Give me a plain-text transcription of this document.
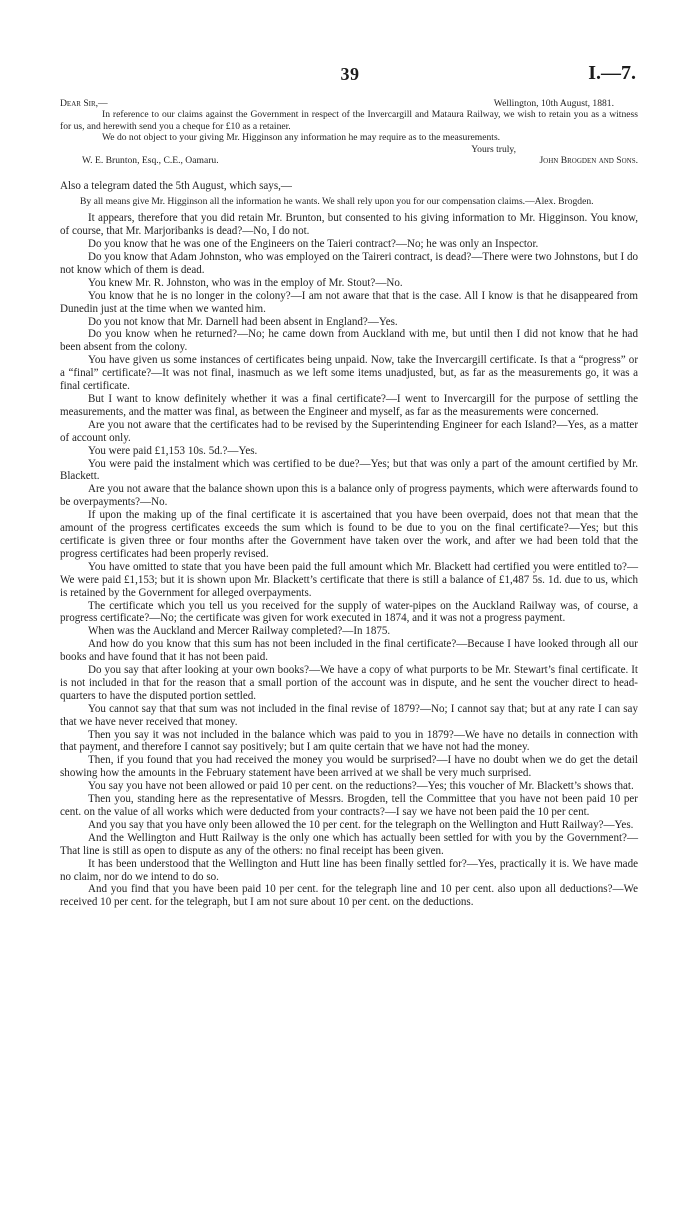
39	I.—7.
Dear Sir,—	Wellington, 10th August, 1881.

In reference to our claims against the Government in respect of the Invercargill and Mataura Railway, we wish to retain you as a witness for us, and herewith send you a cheque for £10 as a retainer.

We do not object to your giving Mr. Higginson any information he may require as to the measurements.

Yours truly,
W. E. Brunton, Esq., C.E., Oamaru.	John Brogden and Sons.

Also a telegram dated the 5th August, which says,—

By all means give Mr. Higginson all the information he wants. We shall rely upon you for our compensation claims.—Alex. Brogden.

It appears, therefore that you did retain Mr. Brunton, but consented to his giving information to Mr. Higginson. You know, of course, that Mr. Marjoribanks is dead?—No, I do not.

Do you know that he was one of the Engineers on the Taieri contract?—No; he was only an Inspector.

Do you know that Adam Johnston, who was employed on the Taireri contract, is dead?—There were two Johnstons, but I do not know which of them is dead.

You knew Mr. R. Johnston, who was in the employ of Mr. Stout?—No.

You know that he is no longer in the colony?—I am not aware that that is the case. All I know is that he disappeared from Dunedin just at the time when we wanted him.

Do you not know that Mr. Darnell had been absent in England?—Yes.

Do you know when he returned?—No; he came down from Auckland with me, but until then I did not know that he had been absent from the colony.

You have given us some instances of certificates being unpaid. Now, take the Invercargill certificate. Is that a “progress” or a “final” certificate?—It was not final, inasmuch as we left some items unadjusted, but, as far as the measurements go, it was a final certificate.

But I want to know definitely whether it was a final certificate?—I went to Invercargill for the purpose of settling the measurements, and the matter was final, as between the Engineer and myself, as far as the measurements were concerned.

Are you not aware that the certificates had to be revised by the Superintending Engineer for each Island?—Yes, as a matter of account only.

You were paid £1,153 10s. 5d.?—Yes.

You were paid the instalment which was certified to be due?—Yes; but that was only a part of the amount certified by Mr. Blackett.

Are you not aware that the balance shown upon this is a balance only of progress payments, which were afterwards found to be overpayments?—No.

If upon the making up of the final certificate it is ascertained that you have been overpaid, does not that mean that the amount of the progress certificates exceeds the sum which is found to be due to you on the final certificate?—Yes; but this certificate is given three or four months after the Government have taken over the work, and after we had been told that the progress certificates had been properly revised.

You have omitted to state that you have been paid the full amount which Mr. Blackett had certified you were entitled to?—We were paid £1,153; but it is shown upon Mr. Blackett’s certificate that there is still a balance of £1,487 5s. 1d. due to us, which is retained by the Government for alleged overpayments.

The certificate which you tell us you received for the supply of water-pipes on the Auckland Railway was, of course, a progress certificate?—No; the certificate was given for work executed in 1874, and it was not a progress payment.

When was the Auckland and Mercer Railway completed?—In 1875.

And how do you know that this sum has not been included in the final certificate?—Because I have looked through all our books and have found that it has not been paid.

Do you say that after looking at your own books?—We have a copy of what purports to be Mr. Stewart’s final certificate. It is not included in that for the reason that a small portion of the account was in dispute, and he sent the voucher direct to head-quarters to have the disputed portion settled.

You cannot say that that sum was not included in the final revise of 1879?—No; I cannot say that; but at any rate I can say that we have never received that money.

Then you say it was not included in the balance which was paid to you in 1879?—We have no details in connection with that payment, and therefore I cannot say positively; but I am quite certain that we have not had the money.

Then, if you found that you had received the money you would be surprised?—I have no doubt when we do get the detail showing how the amounts in the February statement have been arrived at we shall be very much surprised.

You say you have not been allowed or paid 10 per cent. on the reductions?—Yes; this voucher of Mr. Blackett’s shows that.

Then you, standing here as the representative of Messrs. Brogden, tell the Committee that you have not been paid 10 per cent. on the value of all works which were deducted from your contracts?—I say we have not been paid the 10 per cent.

And you say that you have only been allowed the 10 per cent. for the telegraph on the Wellington and Hutt Railway?—Yes.

And the Wellington and Hutt Railway is the only one which has actually been settled for with you by the Government?—That line is still as open to dispute as any of the others: no final receipt has been given.

It has been understood that the Wellington and Hutt line has been finally settled for?—Yes, practically it is. We have made no claim, nor do we intend to do so.

And you find that you have been paid 10 per cent. for the telegraph line and 10 per cent. also upon all deductions?—We received 10 per cent. for the telegraph, but I am not sure about 10 per cent. on the deductions.
